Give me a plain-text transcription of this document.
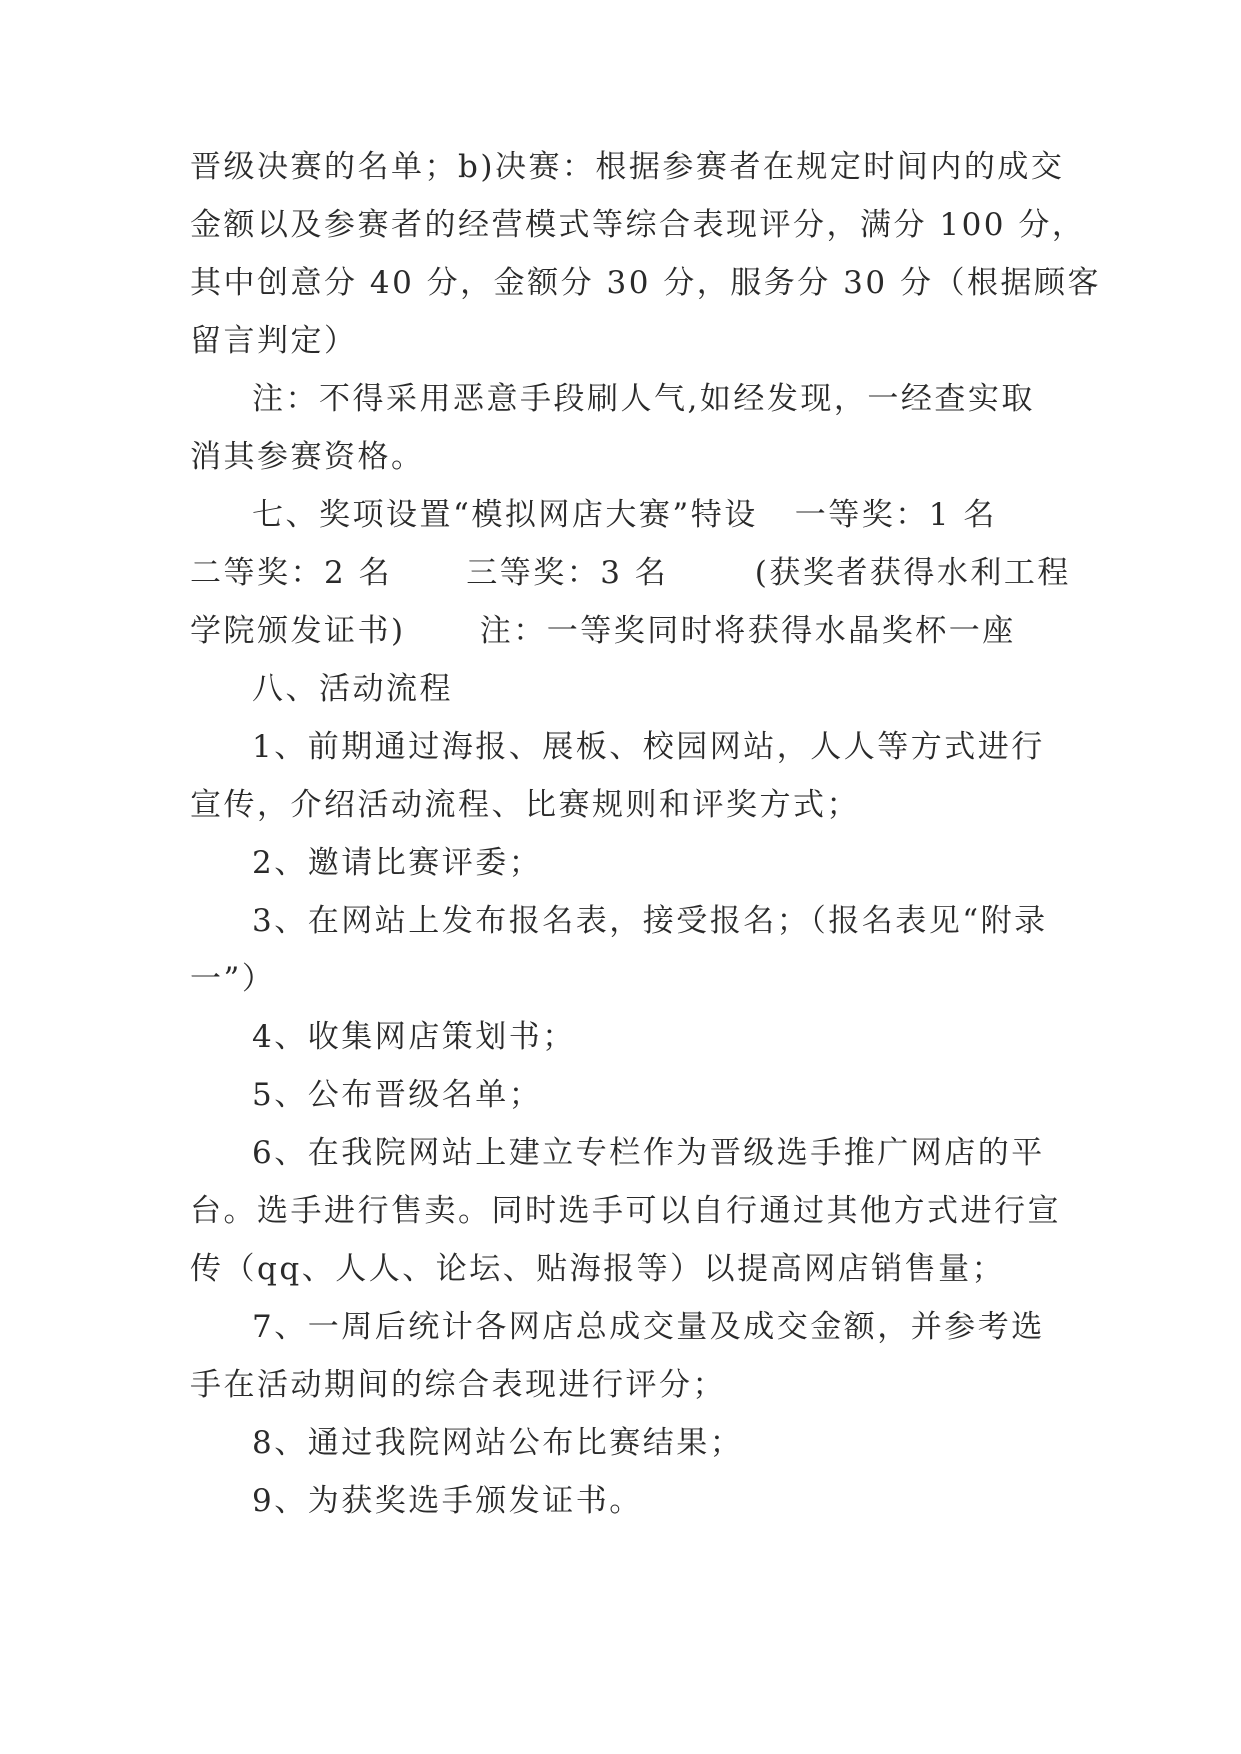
晋级决赛的名单；b)决赛：根据参赛者在规定时间内的成交
金额以及参赛者的经营模式等综合表现评分，满分 100 分，
其中创意分 40 分，金额分 30 分，服务分 30 分（根据顾客
留言判定）
注：不得采用恶意手段刷人气,如经发现，一经查实取
消其参赛资格。
七、奖项设置“模拟网店大赛”特设   一等奖：1 名
二等奖：2 名      三等奖：3 名       (获奖者获得水利工程
学院颁发证书)      注：一等奖同时将获得水晶奖杯一座
八、活动流程
1、前期通过海报、展板、校园网站，人人等方式进行
宣传，介绍活动流程、比赛规则和评奖方式；
2、邀请比赛评委；
3、在网站上发布报名表，接受报名；（报名表见“附录
一”）
4、收集网店策划书；
5、公布晋级名单；
6、在我院网站上建立专栏作为晋级选手推广网店的平
台。选手进行售卖。同时选手可以自行通过其他方式进行宣
传（qq、人人、论坛、贴海报等）以提高网店销售量；
7、一周后统计各网店总成交量及成交金额，并参考选
手在活动期间的综合表现进行评分；
8、通过我院网站公布比赛结果；
9、为获奖选手颁发证书。
